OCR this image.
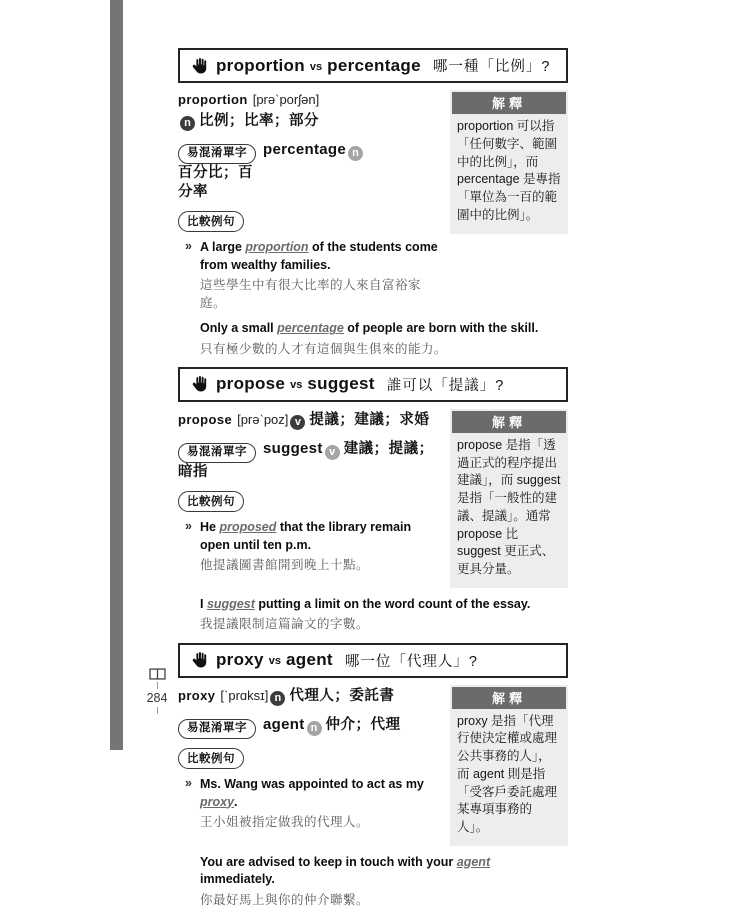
proportion vs percentage 哪一種「比例」?

proportion [prəˋporʃən]
n 比例；比率；部分

易混淆單字 percentage n 百分比；百分率

比較例句

» A large proportion of the students come from wealthy families.
這些學生中有很大比率的人來自富裕家庭。
解釋
proportion 可以指「任何數字、範圍中的比例」，而 percentage 是專指「單位為一百的範圍中的比例」。
Only a small percentage of people are born with the skill.
只有極少數的人才有這個與生俱來的能力。
propose vs suggest 誰可以「提議」?

propose [prəˋpoz] v 提議；建議；求婚

易混淆單字 suggest v 建議；提議；暗指

比較例句

» He proposed that the library remain open until ten p.m.
他提議圖書館開到晚上十點。
解釋
propose 是指「透過正式的程序提出建議」，而 suggest 是指「一般性的建議、提議」。通常 propose 比 suggest 更正式、更具分量。
I suggest putting a limit on the word count of the essay.
我提議限制這篇論文的字數。
proxy vs agent 哪一位「代理人」?

proxy [ˋprɑksɪ] n 代理人；委託書

易混淆單字 agent n 仲介；代理

比較例句

» Ms. Wang was appointed to act as my proxy.
王小姐被指定做我的代理人。
解釋
proxy 是指「代理行使決定權或處理公共事務的人」，而 agent 則是指「受客戶委託處理某專項事務的人」。
You are advised to keep in touch with your agent immediately.
你最好馬上與你的仲介聯繫。
284
